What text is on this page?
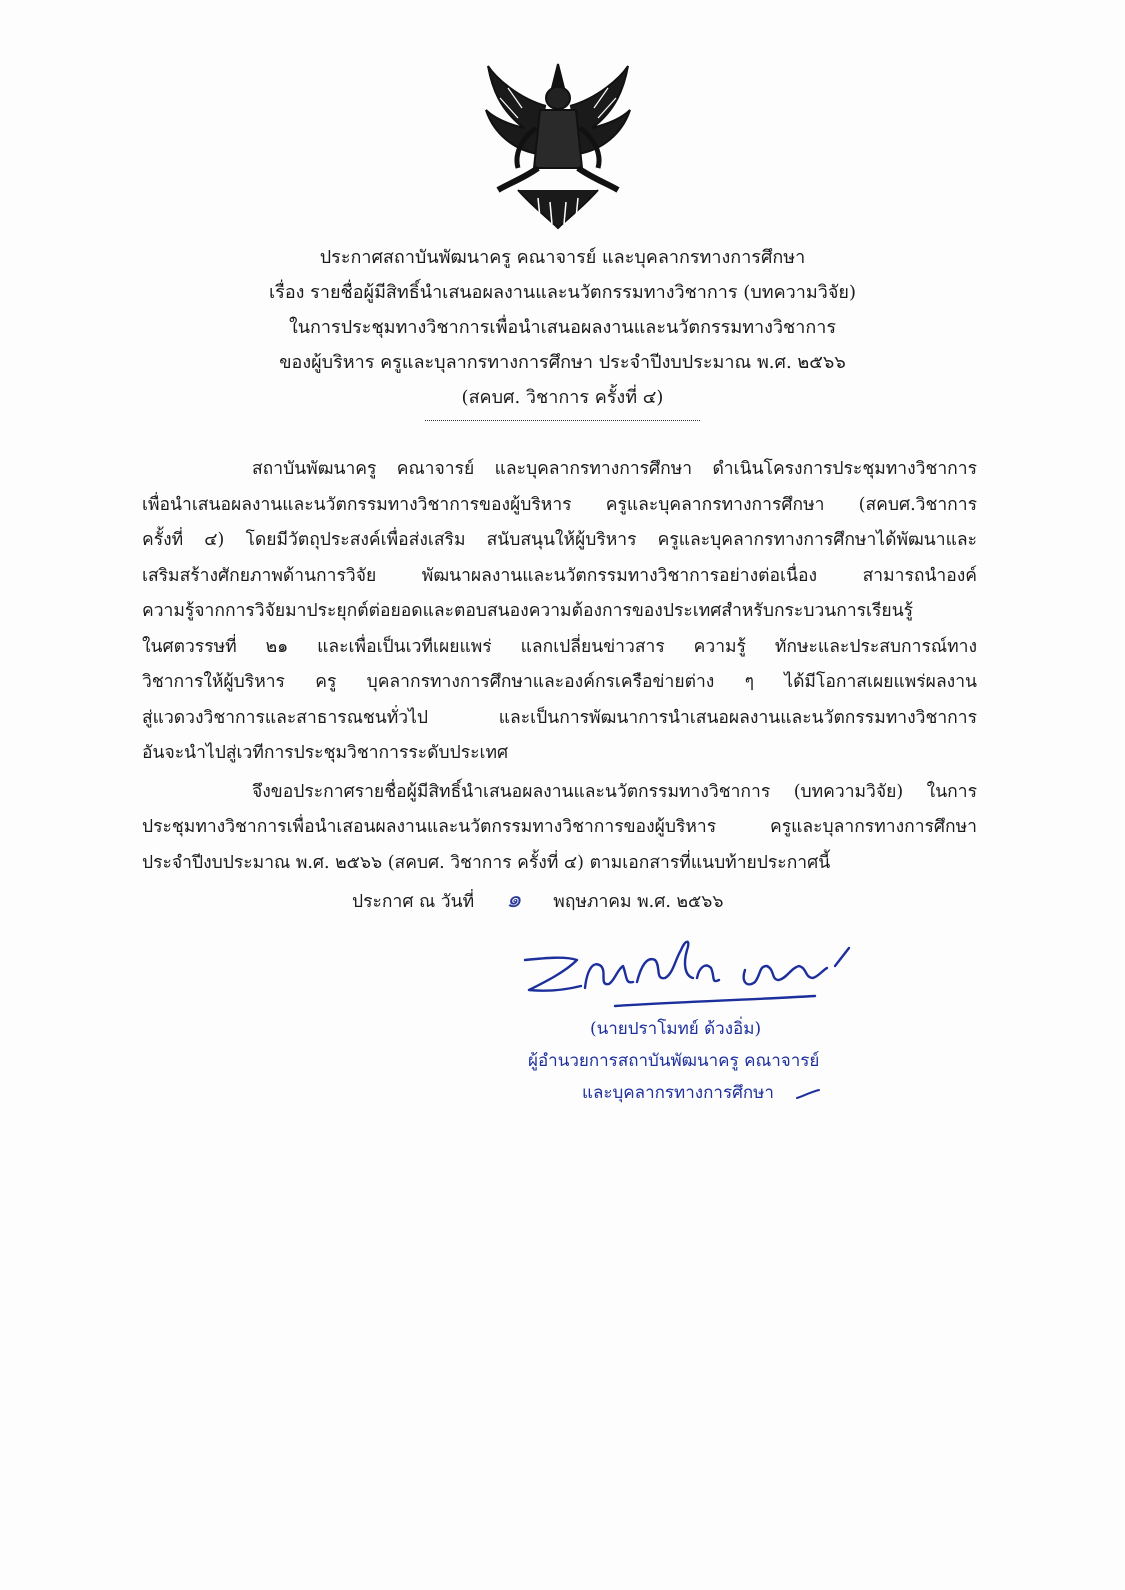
ประกาศสถาบันพัฒนาครู คณาจารย์ และบุคลากรทางการศึกษา
เรื่อง รายชื่อผู้มีสิทธิ์นำเสนอผลงานและนวัตกรรมทางวิชาการ (บทความวิจัย)
ในการประชุมทางวิชาการเพื่อนำเสนอผลงานและนวัตกรรมทางวิชาการ
ของผู้บริหาร ครูและบุลากรทางการศึกษา ประจำปีงบประมาณ พ.ศ. ๒๕๖๖
(สคบศ. วิชาการ ครั้งที่ ๔)
สถาบันพัฒนาครู คณาจารย์ และบุคลากรทางการศึกษา ดำเนินโครงการประชุมทางวิชาการ
เพื่อนำเสนอผลงานและนวัตกรรมทางวิชาการของผู้บริหาร ครูและบุคลากรทางการศึกษา (สคบศ.วิชาการ
ครั้งที่ ๔) โดยมีวัตถุประสงค์เพื่อส่งเสริม สนับสนุนให้ผู้บริหาร ครูและบุคลากรทางการศึกษาได้พัฒนาและ
เสริมสร้างศักยภาพด้านการวิจัย พัฒนาผลงานและนวัตกรรมทางวิชาการอย่างต่อเนื่อง สามารถนำองค์
ความรู้จากการวิจัยมาประยุกต์ต่อยอดและตอบสนองความต้องการของประเทศสำหรับกระบวนการเรียนรู้
ในศตวรรษที่ ๒๑ และเพื่อเป็นเวทีเผยแพร่ แลกเปลี่ยนข่าวสาร ความรู้ ทักษะและประสบการณ์ทาง
วิชาการให้ผู้บริหาร ครู บุคลากรทางการศึกษาและองค์กรเครือข่ายต่าง ๆ ได้มีโอกาสเผยแพร่ผลงาน
สู่แวดวงวิชาการและสาธารณชนทั่วไป และเป็นการพัฒนาการนำเสนอผลงานและนวัตกรรมทางวิชาการ
อันจะนำไปสู่เวทีการประชุมวิชาการระดับประเทศ
จึงขอประกาศรายชื่อผู้มีสิทธิ์นำเสนอผลงานและนวัตกรรมทางวิชาการ (บทความวิจัย) ในการ
ประชุมทางวิชาการเพื่อนำเสอนผลงานและนวัตกรรมทางวิชาการของผู้บริหาร ครูและบุลากรทางการศึกษา
ประจำปีงบประมาณ พ.ศ. ๒๕๖๖ (สคบศ. วิชาการ ครั้งที่ ๔) ตามเอกสารที่แนบท้ายประกาศนี้
ประกาศ ณ วันที่ ๑ พฤษภาคม พ.ศ. ๒๕๖๖
(นายปราโมทย์ ด้วงอิ่ม)
ผู้อำนวยการสถาบันพัฒนาครู คณาจารย์
และบุคลากรทางการศึกษา
